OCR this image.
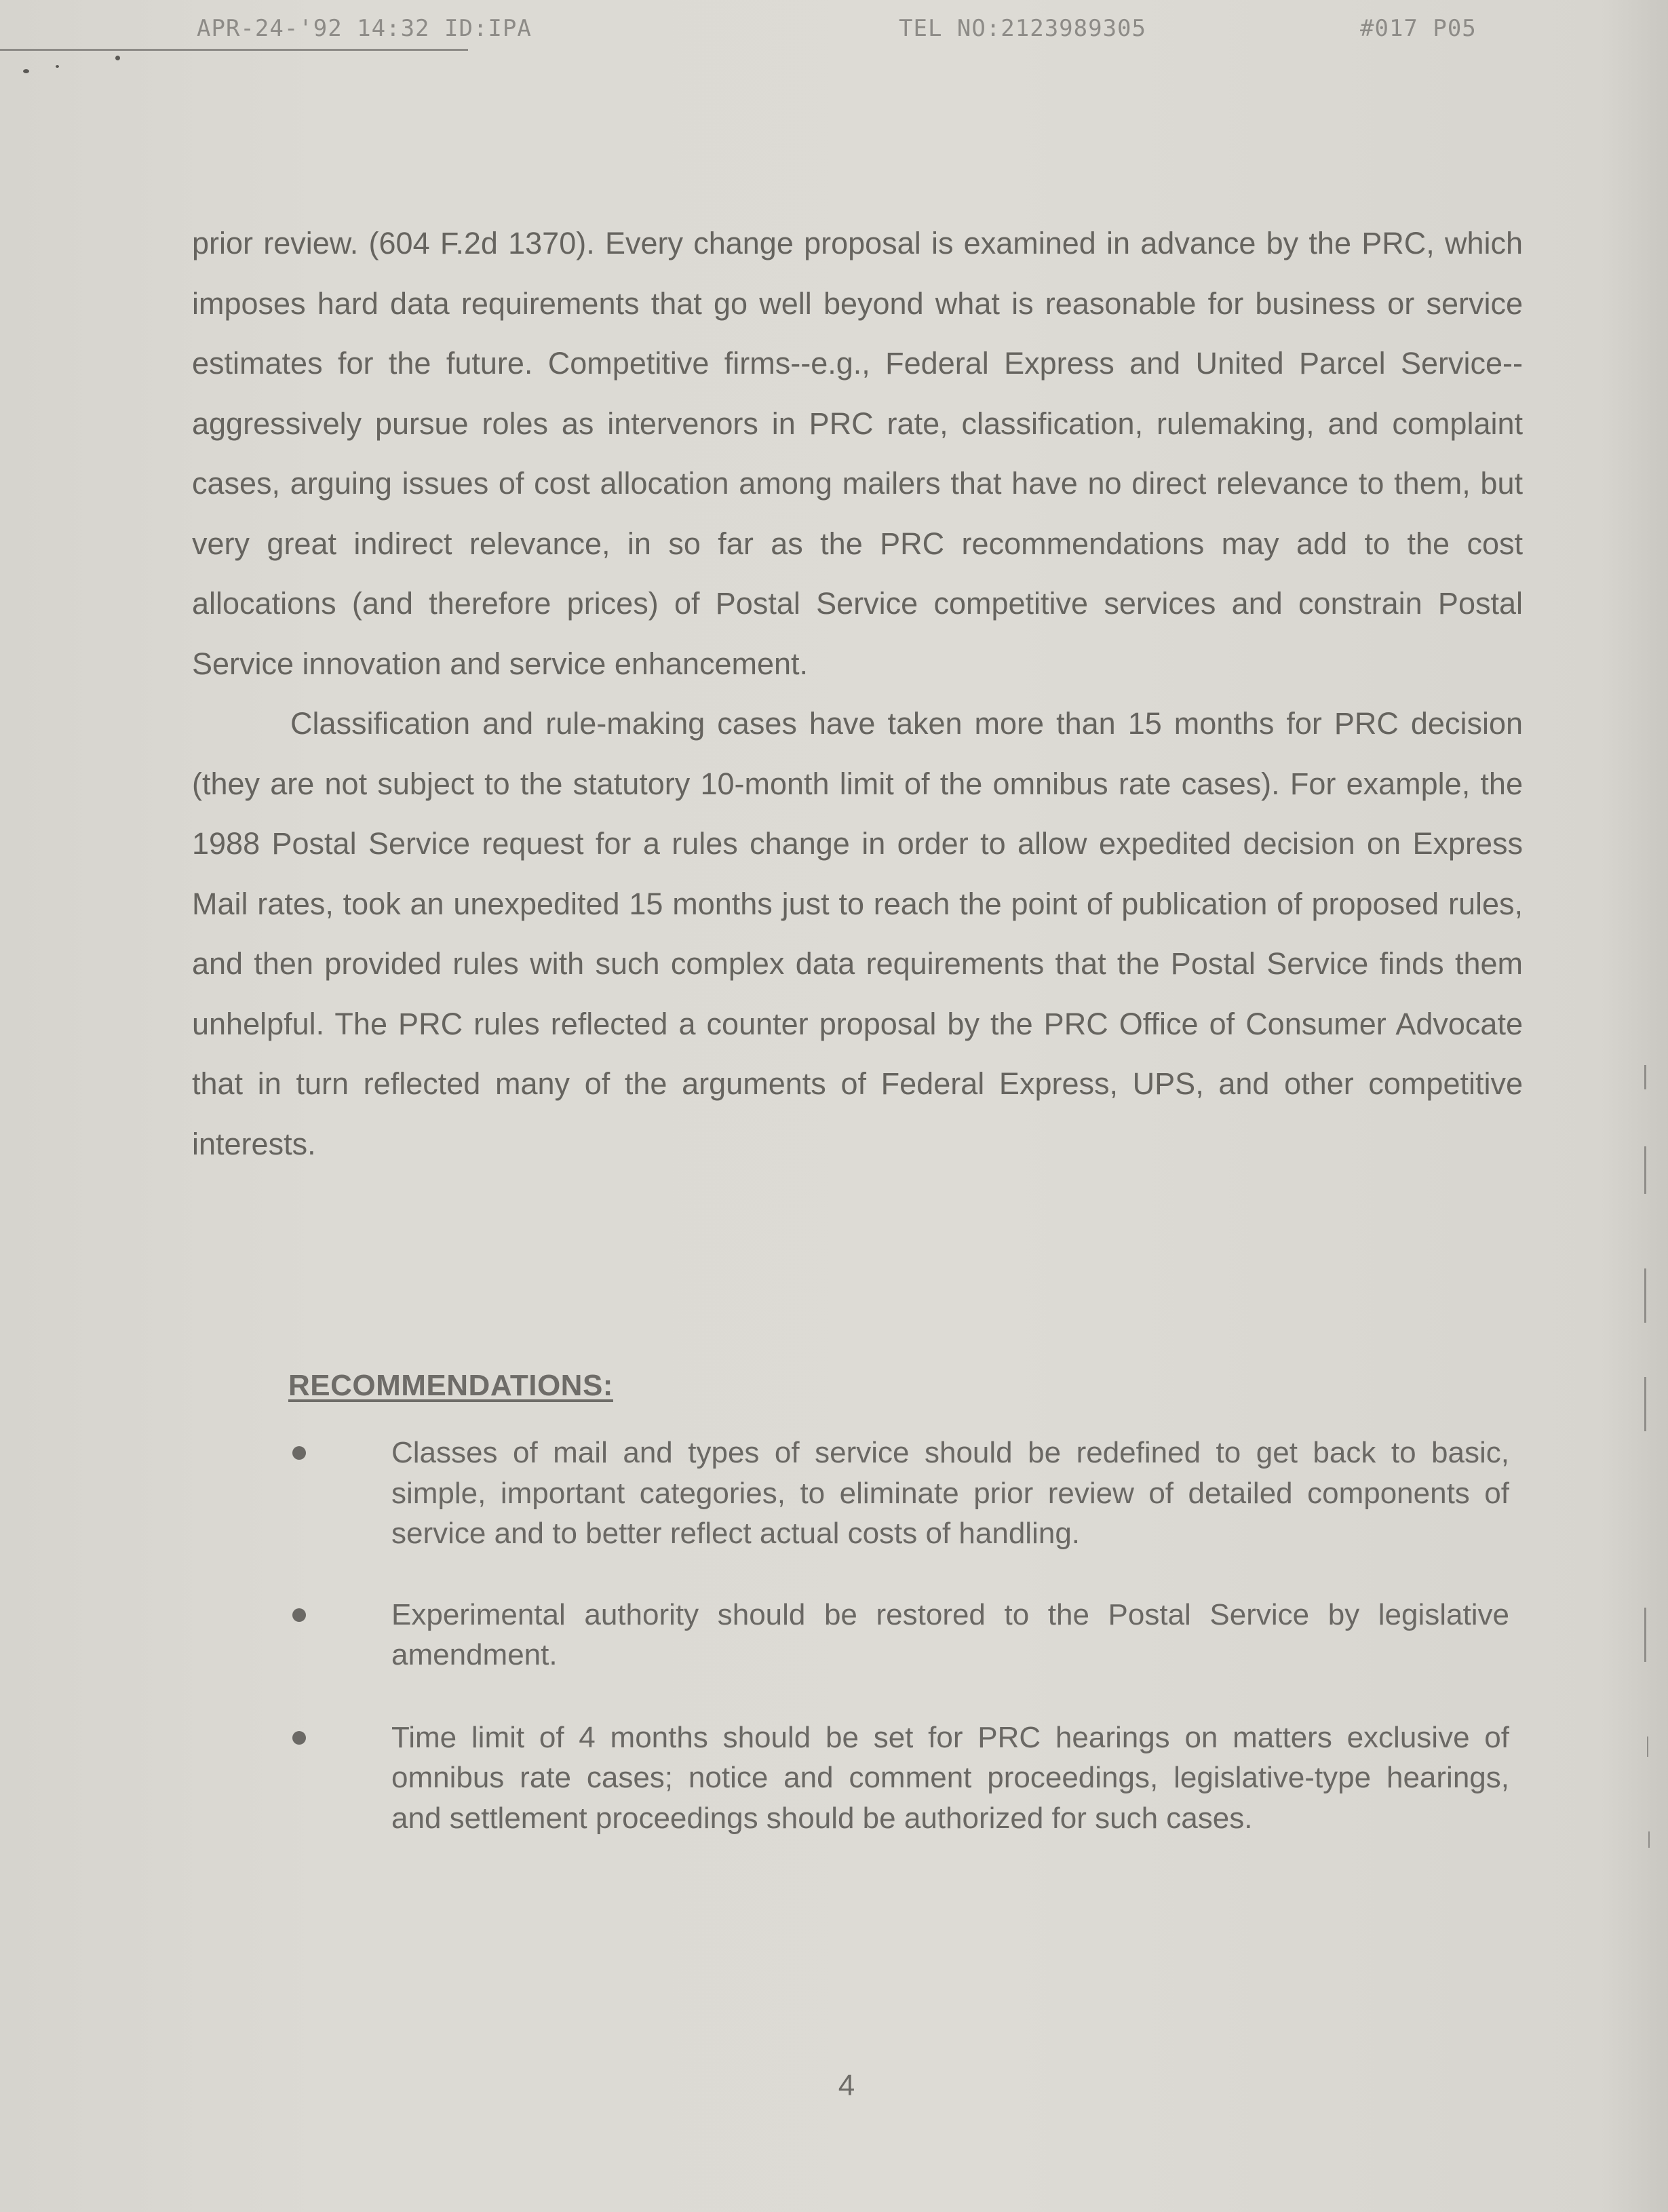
APR-24-'92 14:32 ID:IPA	TEL NO:2123989305	#017 P05

prior review. (604 F.2d 1370). Every change proposal is examined in advance by the PRC, which imposes hard data requirements that go well beyond what is reasonable for business or service estimates for the future. Competitive firms--e.g., Federal Express and United Parcel Service--aggressively pursue roles as intervenors in PRC rate, classification, rulemaking, and complaint cases, arguing issues of cost allocation among mailers that have no direct relevance to them, but very great indirect relevance, in so far as the PRC recommendations may add to the cost allocations (and therefore prices) of Postal Service competitive services and constrain Postal Service innovation and service enhancement.

Classification and rule-making cases have taken more than 15 months for PRC decision (they are not subject to the statutory 10-month limit of the omnibus rate cases). For example, the 1988 Postal Service request for a rules change in order to allow expedited decision on Express Mail rates, took an unexpedited 15 months just to reach the point of publication of proposed rules, and then provided rules with such complex data requirements that the Postal Service finds them unhelpful. The PRC rules reflected a counter proposal by the PRC Office of Consumer Advocate that in turn reflected many of the arguments of Federal Express, UPS, and other competitive interests.

RECOMMENDATIONS:
Classes of mail and types of service should be redefined to get back to basic, simple, important categories, to eliminate prior review of detailed components of service and to better reflect actual costs of handling.
Experimental authority should be restored to the Postal Service by legislative amendment.
Time limit of 4 months should be set for PRC hearings on matters exclusive of omnibus rate cases; notice and comment proceedings, legislative-type hearings, and settlement proceedings should be authorized for such cases.
4
